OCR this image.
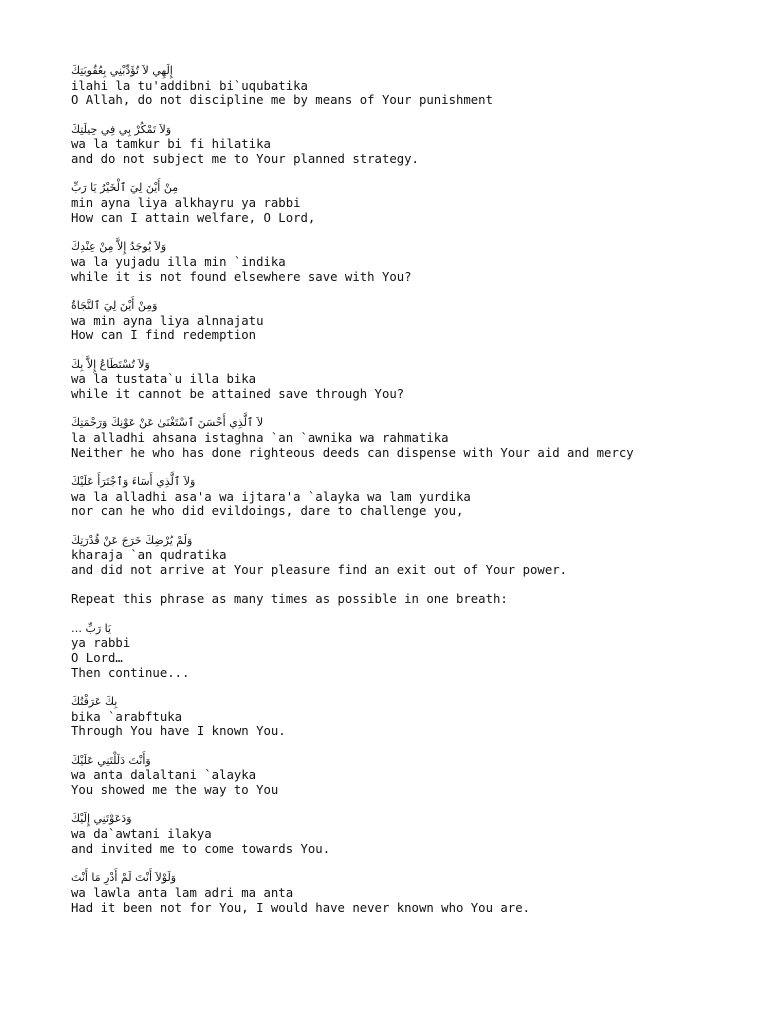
إِلَهِي لاَ تُؤَدِّبْنِي بِعُقُوبَتِكَ
ilahi la tu'addibni bi`uqubatika
O Allah, do not discipline me by means of Your punishment
وَلاَ تَمْكُرْ بِي فِي حِيلَتِكَ
wa la tamkur bi fi hilatika
and do not subject me to Your planned strategy.
مِنْ أَيْنَ لِيَ ٱلْخَيْرُ يَا رَبِّ
min ayna liya alkhayru ya rabbi
How can I attain welfare, O Lord,
وَلاَ يُوجَدُ إِلاَّ مِنْ عِنْدِكَ
wa la yujadu illa min `indika
while it is not found elsewhere save with You?
وَمِنْ أَيْنَ لِيَ ٱلنَّجَاةُ
wa min ayna liya alnnajatu
How can I find redemption
وَلاَ تُسْتَطَاعُ إِلاَّ بِكَ
wa la tustata`u illa bika
while it cannot be attained save through You?
لاَ ٱلَّذِي أَحْسَنَ ٱسْتَغْنَىٰ عَنْ عَوْنِكَ وَرَحْمَتِكَ
la alladhi ahsana istaghna `an `awnika wa rahmatika
Neither he who has done righteous deeds can dispense with Your aid and mercy
وَلاَ ٱلَّذِي أَسَاءَ وَٱجْتَرَأَ عَلَيْكَ
wa la alladhi asa'a wa ijtara'a `alayka wa lam yurdika
nor can he who did evildoings, dare to challenge you,
وَلَمْ يُرْضِكَ خَرَجَ عَنْ قُدْرَتِكَ
kharaja `an qudratika
and did not arrive at Your pleasure find an exit out of Your power.
Repeat this phrase as many times as possible in one breath:
يَا رَبِّ …
ya rabbi
O Lord…
Then continue...
بِكَ عَرَفْتُكَ
bika `arabftuka
Through You have I known You.
وَأَنْتَ دَلَلْتَنِي عَلَيْكَ
wa anta dalaltani `alayka
You showed me the way to You
وَدَعَوْتَنِي إِلَيْكَ
wa da`awtani ilakya
and invited me to come towards You.
وَلَوْلاَ أَنْتَ لَمْ أَدْرِ مَا أَنْتَ
wa lawla anta lam adri ma anta
Had it been not for You, I would have never known who You are.
